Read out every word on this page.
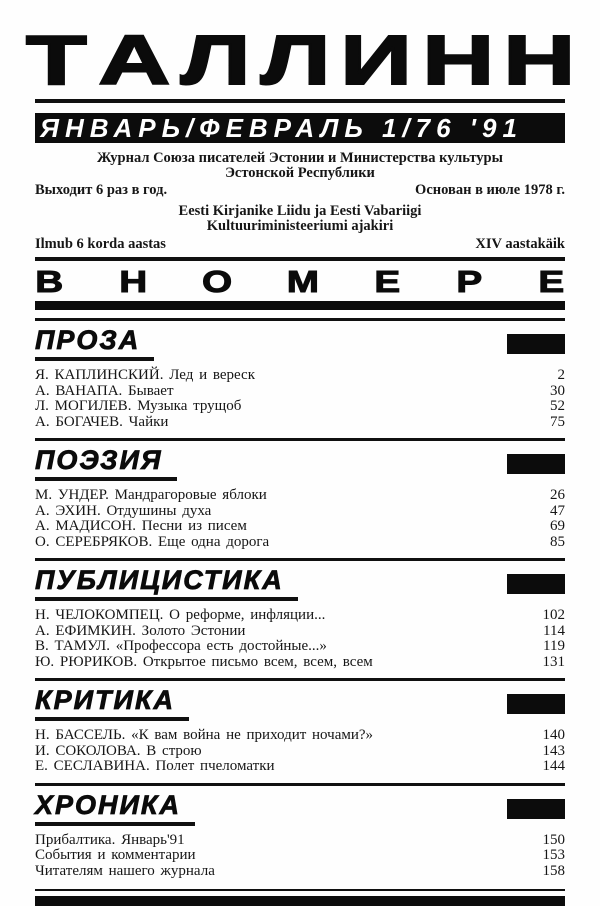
Т А Л Л И Н Н
ЯНВАРЬ/ФЕВРАЛЬ 1/76 '91
Журнал Союза писателей Эстонии и Министерства культуры
Эстонской Республики
Выходит 6 раз в год.	Основан в июле 1978 г.
Eesti Kirjanike Liidu ja Eesti Vabariigi
Kultuuriministeeriumi ajakiri
Ilmub 6 korda aastas	XIV aastakäik
В Н О М Е Р Е
ПРОЗА
Я. КАПЛИНСКИЙ. Лед и вереск	2
А. ВАНАПА. Бывает	30
Л. МОГИЛЕВ. Музыка трущоб	52
А. БОГАЧЕВ. Чайки	75
ПОЭЗИЯ
М. УНДЕР. Мандрагоровые яблоки	26
А. ЭХИН. Отдушины духа	47
А. МАДИСОН. Песни из писем	69
О. СЕРЕБРЯКОВ. Еще одна дорога	85
ПУБЛИЦИСТИКА
Н. ЧЕЛОКОМПЕЦ. О реформе, инфляции...	102
А. ЕФИМКИН. Золото Эстонии	114
В. ТАМУЛ. «Профессора есть достойные...»	119
Ю. РЮРИКОВ. Открытое письмо всем, всем, всем	131
КРИТИКА
Н. БАССЕЛЬ. «К вам война не приходит ночами?»	140
И. СОКОЛОВА. В строю	143
Е. СЕСЛАВИНА. Полет пчеломатки	144
ХРОНИКА
Прибалтика. Январь'91	150
События и комментарии	153
Читателям нашего журнала	158
